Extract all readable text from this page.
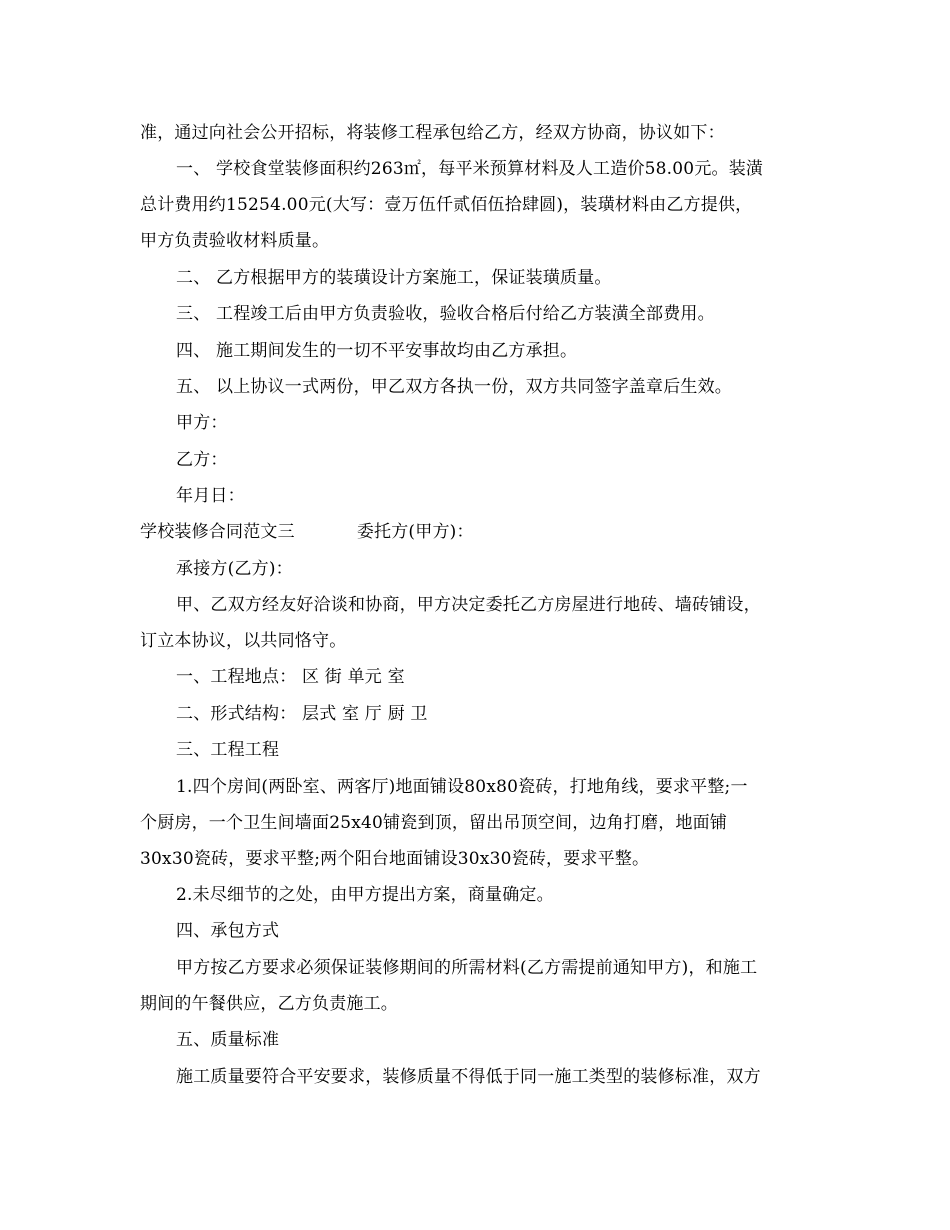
准，通过向社会公开招标，将装修工程承包给乙方，经双方协商，协议如下：
一、 学校食堂装修面积约263㎡，每平米预算材料及人工造价58.00元。装潢
总计费用约15254.00元(大写：壹万伍仟贰佰伍拾肆圆)，装璜材料由乙方提供，
甲方负责验收材料质量。
二、 乙方根据甲方的装璜设计方案施工，保证装璜质量。
三、 工程竣工后由甲方负责验收，验收合格后付给乙方装潢全部费用。
四、 施工期间发生的一切不平安事故均由乙方承担。
五、 以上协议一式两份，甲乙双方各执一份，双方共同签字盖章后生效。
甲方：
乙方：
年月日：
学校装修合同范文三	委托方(甲方)：
承接方(乙方)：
甲、乙双方经友好洽谈和协商，甲方决定委托乙方房屋进行地砖、墙砖铺设，
订立本协议，以共同恪守。
一、工程地点： 区 街 单元 室
二、形式结构： 层式 室 厅 厨 卫
三、工程工程
1.四个房间(两卧室、两客厅)地面铺设80x80瓷砖，打地角线，要求平整;一
个厨房，一个卫生间墙面25x40铺瓷到顶，留出吊顶空间，边角打磨，地面铺
30x30瓷砖，要求平整;两个阳台地面铺设30x30瓷砖，要求平整。
2.未尽细节的之处，由甲方提出方案，商量确定。
四、承包方式
甲方按乙方要求必须保证装修期间的所需材料(乙方需提前通知甲方)，和施工
期间的午餐供应，乙方负责施工。
五、质量标准
施工质量要符合平安要求，装修质量不得低于同一施工类型的装修标准，双方
